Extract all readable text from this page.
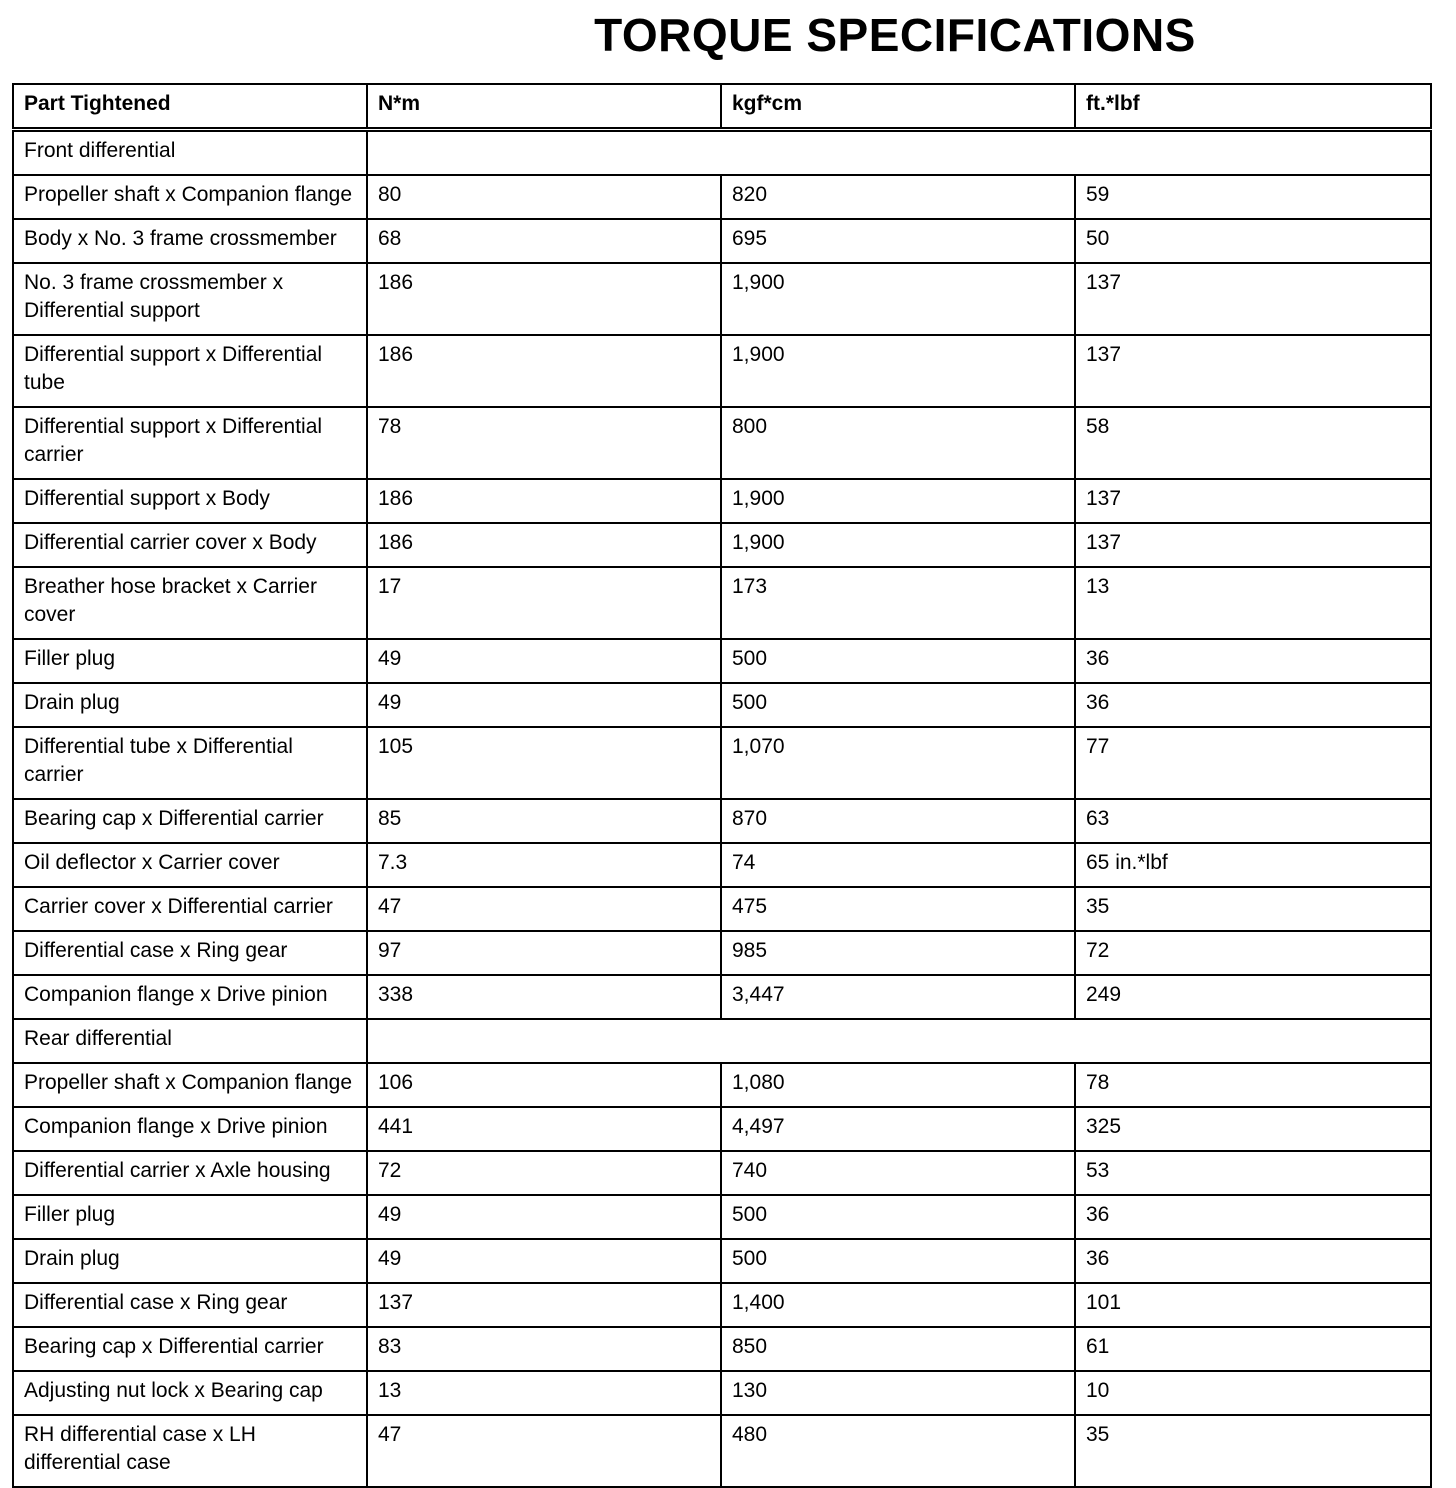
TORQUE SPECIFICATIONS
Part Tightened	N*m	kgf*cm	ft.*lbf
Front differential			
Propeller shaft x Companion flange	80	820	59
Body x No. 3 frame crossmember	68	695	50
No. 3 frame crossmember x Differential support	186	1,900	137
Differential support x Differential tube	186	1,900	137
Differential support x Differential carrier	78	800	58
Differential support x Body	186	1,900	137
Differential carrier cover x Body	186	1,900	137
Breather hose bracket x Carrier cover	17	173	13
Filler plug	49	500	36
Drain plug	49	500	36
Differential tube x Differential carrier	105	1,070	77
Bearing cap x Differential carrier	85	870	63
Oil deflector x Carrier cover	7.3	74	65 in.*lbf
Carrier cover x Differential carrier	47	475	35
Differential case x Ring gear	97	985	72
Companion flange x Drive pinion	338	3,447	249
Rear differential			
Propeller shaft x Companion flange	106	1,080	78
Companion flange x Drive pinion	441	4,497	325
Differential carrier x Axle housing	72	740	53
Filler plug	49	500	36
Drain plug	49	500	36
Differential case x Ring gear	137	1,400	101
Bearing cap x Differential carrier	83	850	61
Adjusting nut lock x Bearing cap	13	130	10
RH differential case x LH differential case	47	480	35
